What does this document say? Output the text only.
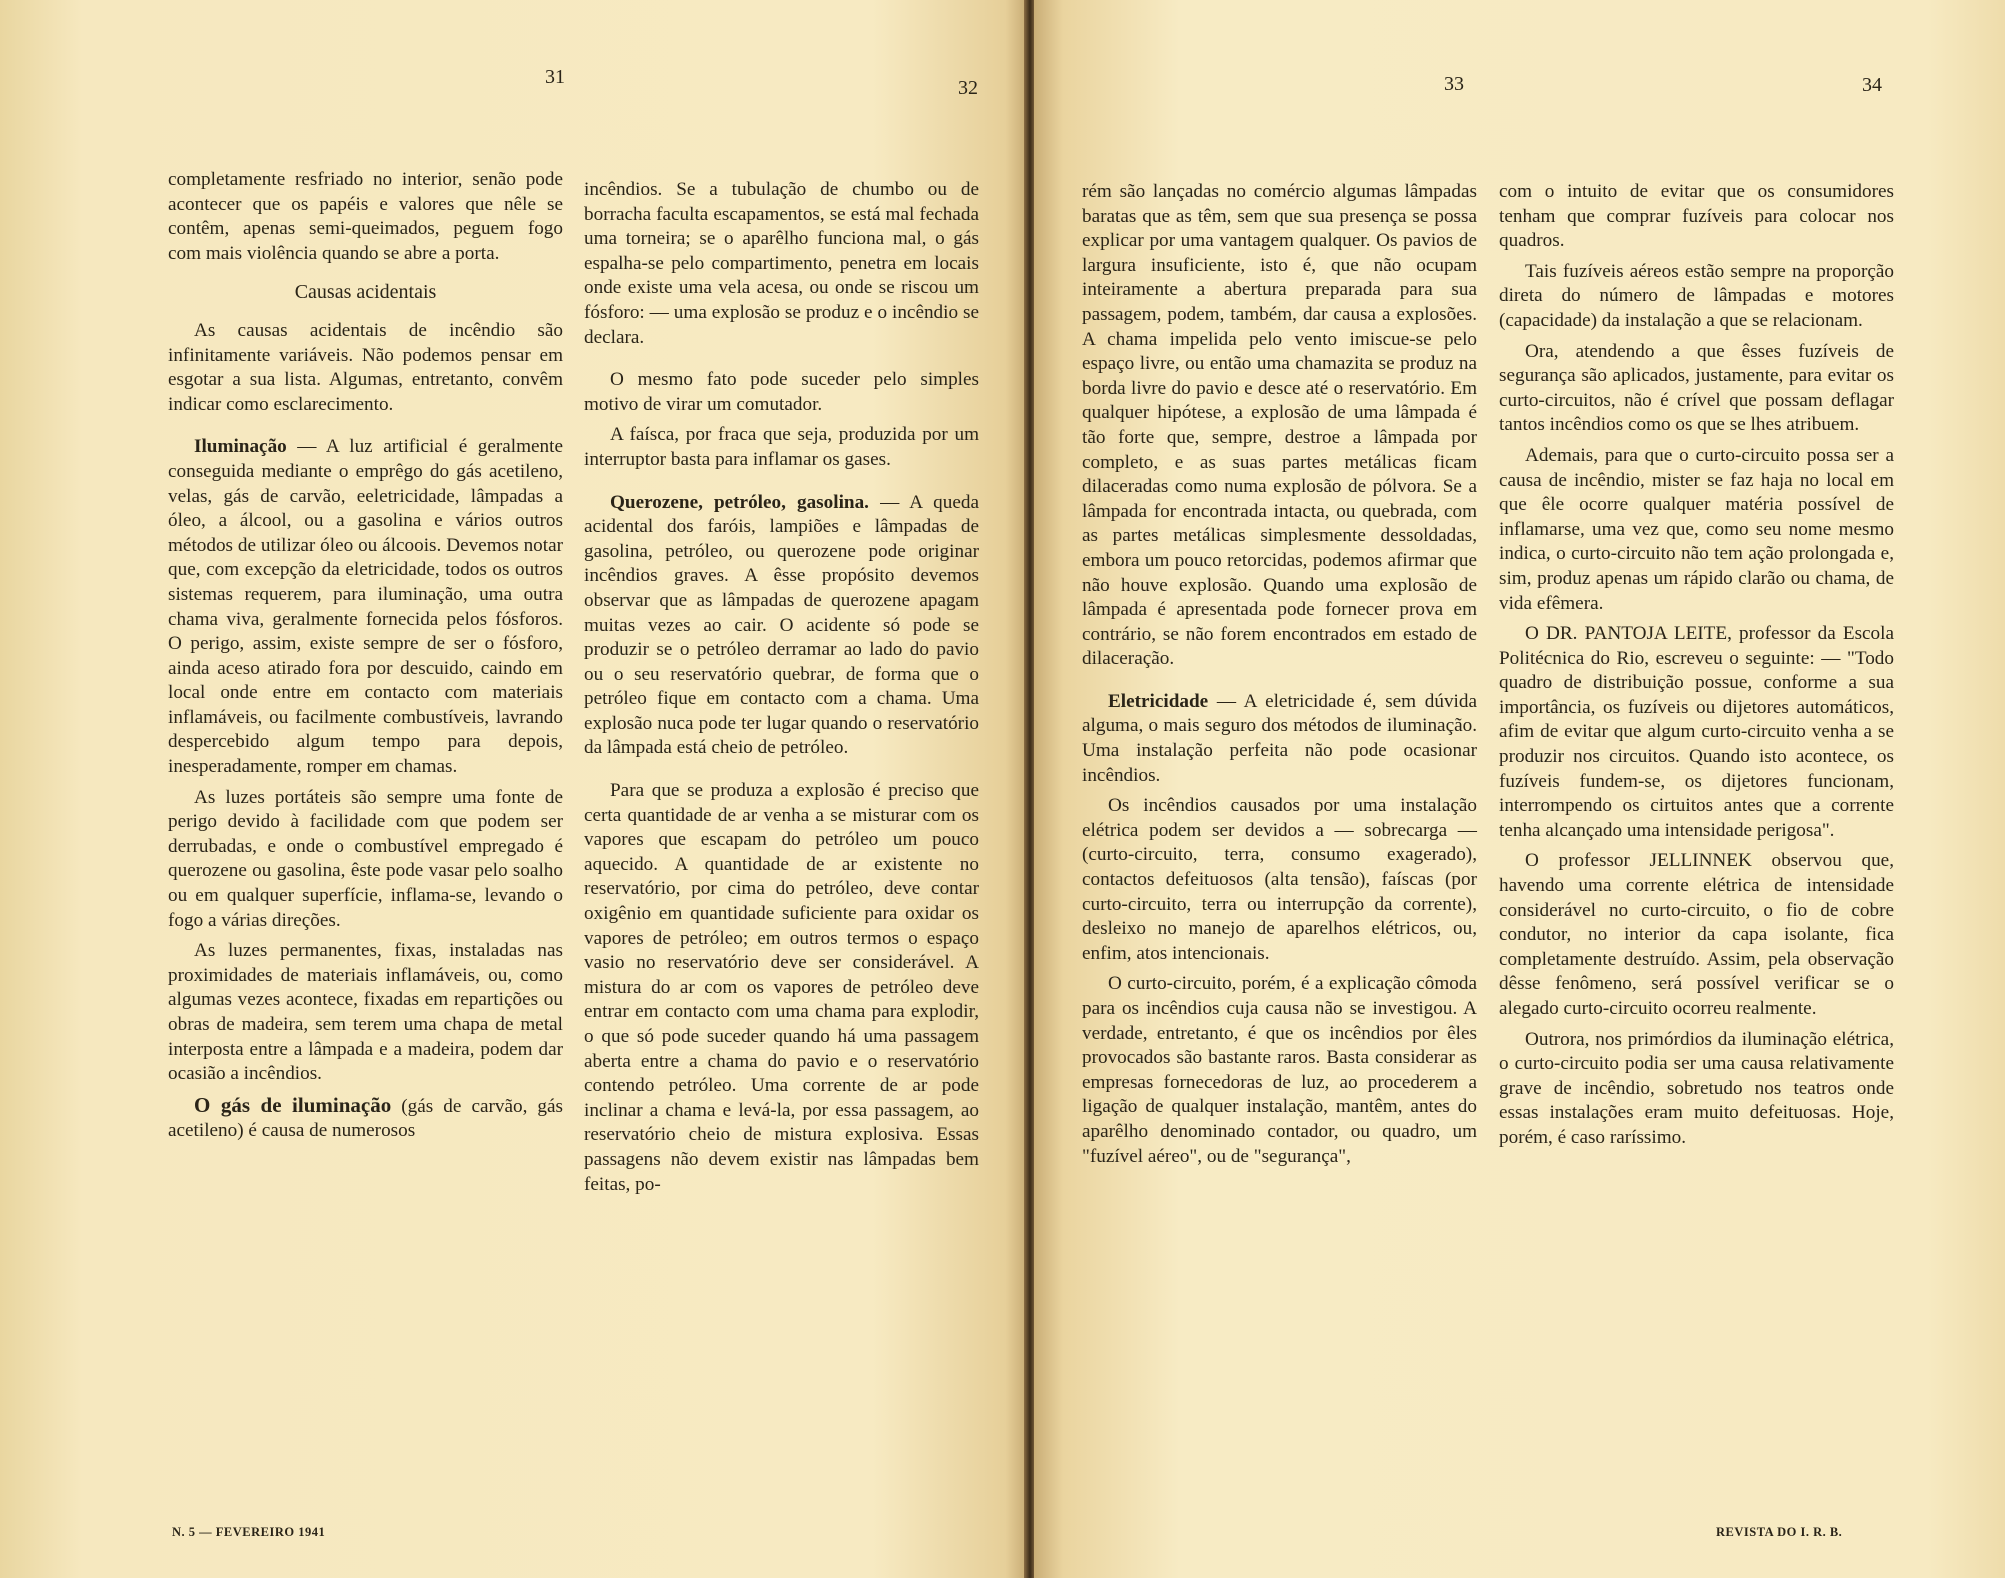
31	32

completamente resfriado no interior, senão pode acontecer que os papéis e valores que nêle se contêm, apenas semi-queimados, peguem fogo com mais violência quando se abre a porta.

Causas acidentais

As causas acidentais de incêndio são infinitamente variáveis. Não podemos pensar em esgotar a sua lista. Algumas, entretanto, convêm indicar como esclarecimento.

Iluminação — A luz artificial é geralmente conseguida mediante o emprêgo do gás acetileno, velas, gás de carvão, eeletricidade, lâmpadas a óleo, a álcool, ou a gasolina e vários outros métodos de utilizar óleo ou álcoois. Devemos notar que, com excepção da eletricidade, todos os outros sistemas requerem, para iluminação, uma outra chama viva, geralmente fornecida pelos fósforos. O perigo, assim, existe sempre de ser o fósforo, ainda aceso atirado fora por descuido, caindo em local onde entre em contacto com materiais inflamáveis, ou facilmente combustíveis, lavrando despercebido algum tempo para depois, inesperadamente, romper em chamas.

As luzes portáteis são sempre uma fonte de perigo devido à facilidade com que podem ser derrubadas, e onde o combustível empregado é querozene ou gasolina, êste pode vasar pelo soalho ou em qualquer superfície, inflama-se, levando o fogo a várias direções.

As luzes permanentes, fixas, instaladas nas proximidades de materiais inflamáveis, ou, como algumas vezes acontece, fixadas em repartições ou obras de madeira, sem terem uma chapa de metal interposta entre a lâmpada e a madeira, podem dar ocasião a incêndios.

O gás de iluminação (gás de carvão, gás acetileno) é causa de numerosos

incêndios. Se a tubulação de chumbo ou de borracha faculta escapamentos, se está mal fechada uma torneira; se o aparêlho funciona mal, o gás espalha-se pelo compartimento, penetra em locais onde existe uma vela acesa, ou onde se riscou um fósforo: — uma explosão se produz e o incêndio se declara.

O mesmo fato pode suceder pelo simples motivo de virar um comutador.

A faísca, por fraca que seja, produzida por um interruptor basta para inflamar os gases.

Querozene, petróleo, gasolina. — A queda acidental dos faróis, lampiões e lâmpadas de gasolina, petróleo, ou querozene pode originar incêndios graves. A êsse propósito devemos observar que as lâmpadas de querozene apagam muitas vezes ao cair. O acidente só pode se produzir se o petróleo derramar ao lado do pavio ou o seu reservatório quebrar, de forma que o petróleo fique em contacto com a chama. Uma explosão nuca pode ter lugar quando o reservatório da lâmpada está cheio de petróleo.

Para que se produza a explosão é preciso que certa quantidade de ar venha a se misturar com os vapores que escapam do petróleo um pouco aquecido. A quantidade de ar existente no reservatório, por cima do petróleo, deve contar oxigênio em quantidade suficiente para oxidar os vapores de petróleo; em outros termos o espaço vasio no reservatório deve ser considerável. A mistura do ar com os vapores de petróleo deve entrar em contacto com uma chama para explodir, o que só pode suceder quando há uma passagem aberta entre a chama do pavio e o reservatório contendo petróleo. Uma corrente de ar pode inclinar a chama e levá-la, por essa passagem, ao reservatório cheio de mistura explosiva. Essas passagens não devem existir nas lâmpadas bem feitas, po-

N. 5 — FEVEREIRO 1941
33	34

rém são lançadas no comércio algumas lâmpadas baratas que as têm, sem que sua presença se possa explicar por uma vantagem qualquer. Os pavios de largura insuficiente, isto é, que não ocupam inteiramente a abertura preparada para sua passagem, podem, também, dar causa a explosões. A chama impelida pelo vento imiscue-se pelo espaço livre, ou então uma chamazita se produz na borda livre do pavio e desce até o reservatório. Em qualquer hipótese, a explosão de uma lâmpada é tão forte que, sempre, destroe a lâmpada por completo, e as suas partes metálicas ficam dilaceradas como numa explosão de pólvora. Se a lâmpada for encontrada intacta, ou quebrada, com as partes metálicas simplesmente dessoldadas, embora um pouco retorcidas, podemos afirmar que não houve explosão. Quando uma explosão de lâmpada é apresentada pode fornecer prova em contrário, se não forem encontrados em estado de dilaceração.

Eletricidade — A eletricidade é, sem dúvida alguma, o mais seguro dos métodos de iluminação. Uma instalação perfeita não pode ocasionar incêndios.

Os incêndios causados por uma instalação elétrica podem ser devidos a — sobrecarga — (curto-circuito, terra, consumo exagerado), contactos defeituosos (alta tensão), faíscas (por curto-circuito, terra ou interrupção da corrente), desleixo no manejo de aparelhos elétricos, ou, enfim, atos intencionais.

O curto-circuito, porém, é a explicação cômoda para os incêndios cuja causa não se investigou. A verdade, entretanto, é que os incêndios por êles provocados são bastante raros. Basta considerar as empresas fornecedoras de luz, ao procederem a ligação de qualquer instalação, mantêm, antes do aparêlho denominado contador, ou quadro, um "fuzível aéreo", ou de "segurança",

com o intuito de evitar que os consumidores tenham que comprar fuzíveis para colocar nos quadros.

Tais fuzíveis aéreos estão sempre na proporção direta do número de lâmpadas e motores (capacidade) da instalação a que se relacionam.

Ora, atendendo a que êsses fuzíveis de segurança são aplicados, justamente, para evitar os curto-circuitos, não é crível que possam deflagar tantos incêndios como os que se lhes atribuem.

Ademais, para que o curto-circuito possa ser a causa de incêndio, mister se faz haja no local em que êle ocorre qualquer matéria possível de inflamarse, uma vez que, como seu nome mesmo indica, o curto-circuito não tem ação prolongada e, sim, produz apenas um rápido clarão ou chama, de vida efêmera.

O DR. PANTOJA LEITE, professor da Escola Politécnica do Rio, escreveu o seguinte: — "Todo quadro de distribuição possue, conforme a sua importância, os fuzíveis ou dijetores automáticos, afim de evitar que algum curto-circuito venha a se produzir nos circuitos. Quando isto acontece, os fuzíveis fundem-se, os dijetores funcionam, interrompendo os cirtuitos antes que a corrente tenha alcançado uma intensidade perigosa".

O professor JELLINNEK observou que, havendo uma corrente elétrica de intensidade considerável no curto-circuito, o fio de cobre condutor, no interior da capa isolante, fica completamente destruído. Assim, pela observação dêsse fenômeno, será possível verificar se o alegado curto-circuito ocorreu realmente.

Outrora, nos primórdios da iluminação elétrica, o curto-circuito podia ser uma causa relativamente grave de incêndio, sobretudo nos teatros onde essas instalações eram muito defeituosas. Hoje, porém, é caso raríssimo.

REVISTA DO I. R. B.
